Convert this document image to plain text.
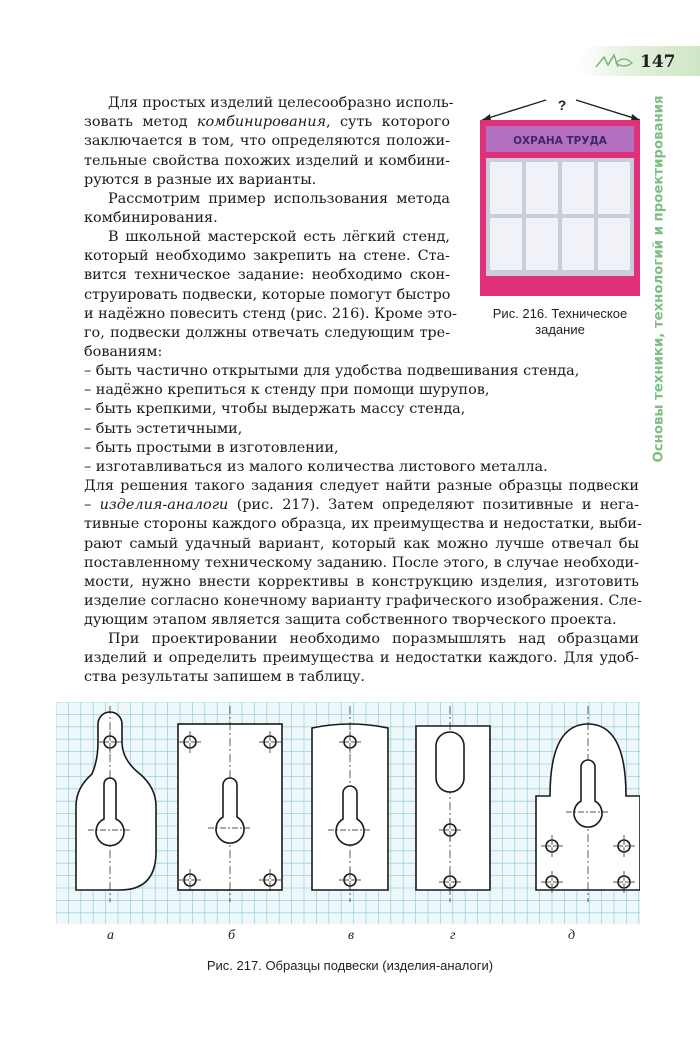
147
Основы техники, технологий и проектирования
Для простых изделий целесообразно исполь-
зовать метод комбинирования, суть которого
заключается в том, что определяются положи-
тельные свойства похожих изделий и комбини-
руются в разные их варианты.
Рассмотрим пример использования метода
комбинирования.
В школьной мастерской есть лёгкий стенд,
который необходимо закрепить на стене. Ста-
вится техническое задание: необходимо скон-
струировать подвески, которые помогут быстро
и надёжно повесить стенд (рис. 216). Кроме это-
го, подвески должны отвечать следующим тре-
бованиям:
– быть частично открытыми для удобства подвешивания стенда,
– надёжно крепиться к стенду при помощи шурупов,
– быть крепкими, чтобы выдержать массу стенда,
– быть эстетичными,
– быть простыми в изготовлении,
– изготавливаться из малого количества листового металла.
Для решения такого задания следует найти разные образцы подвески
– изделия-аналоги (рис. 217). Затем определяют позитивные и нега-
тивные стороны каждого образца, их преимущества и недостатки, выби-
рают самый удачный вариант, который как можно лучше отвечал бы
поставленному техническому заданию. После этого, в случае необходи-
мости, нужно внести коррективы в конструкцию изделия, изготовить
изделие согласно конечному варианту графического изображения. Сле-
дующим этапом является защита собственного творческого проекта.
При проектировании необходимо поразмышлять над образцами
изделий и определить преимущества и недостатки каждого. Для удоб-
ства результаты запишем в таблицу.
?
ОХРАНА ТРУДА
Рис. 216. Техническое
задание
а	б	в	г	д
Рис. 217. Образцы подвески (изделия-аналоги)
